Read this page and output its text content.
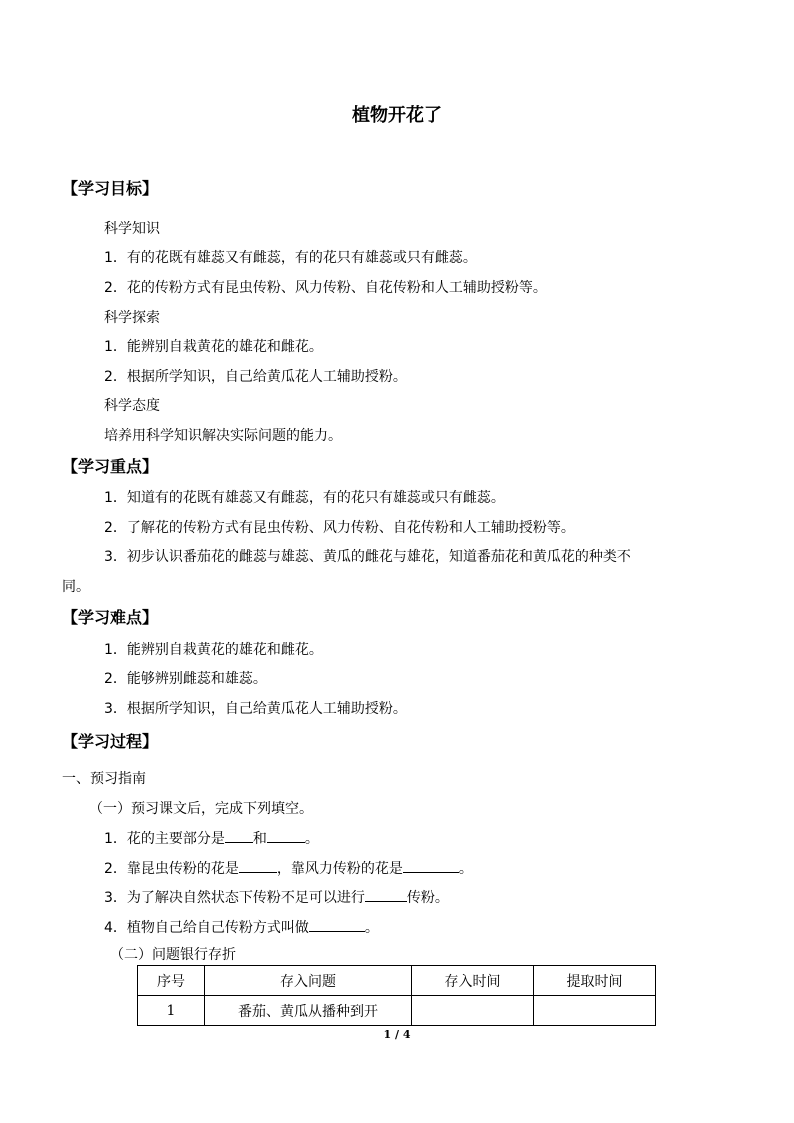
植物开花了
【学习目标】
科学知识
1．有的花既有雄蕊又有雌蕊，有的花只有雄蕊或只有雌蕊。
2．花的传粉方式有昆虫传粉、风力传粉、自花传粉和人工辅助授粉等。
科学探索
1．能辨别自栽黄花的雄花和雌花。
2．根据所学知识，自己给黄瓜花人工辅助授粉。
科学态度
培养用科学知识解决实际问题的能力。
【学习重点】
1．知道有的花既有雄蕊又有雌蕊，有的花只有雄蕊或只有雌蕊。
2．了解花的传粉方式有昆虫传粉、风力传粉、自花传粉和人工辅助授粉等。
3．初步认识番茄花的雌蕊与雄蕊、黄瓜的雌花与雄花，知道番茄花和黄瓜花的种类不
同。
【学习难点】
1．能辨别自栽黄花的雄花和雌花。
2．能够辨别雌蕊和雄蕊。
3．根据所学知识，自己给黄瓜花人工辅助授粉。
【学习过程】
一、预习指南
（一）预习课文后，完成下列填空。
1．花的主要部分是 和	。
2．靠昆虫传粉的花是	，靠风力传粉的花是	。
3．为了解决自然状态下传粉不足可以进行	传粉。
4．植物自己给自己传粉方式叫做	。
（二）问题银行存折
序号	存入问题	存入时间	提取时间
1	番茄、黄瓜从播种到开		
1 / 4
